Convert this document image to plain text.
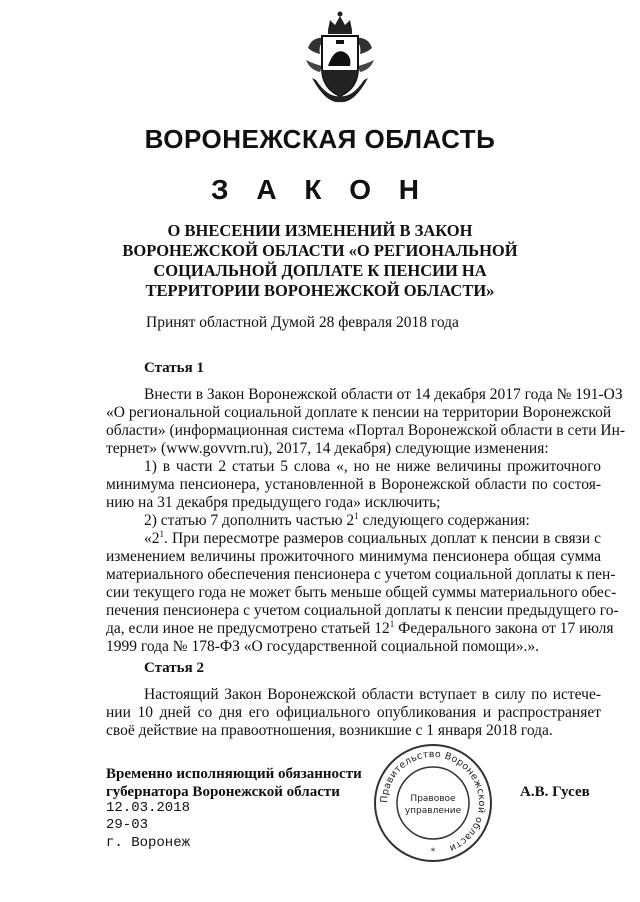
ВОРОНЕЖСКАЯ ОБЛАСТЬ
З А К О Н
О ВНЕСЕНИИ ИЗМЕНЕНИЙ В ЗАКОН
ВОРОНЕЖСКОЙ ОБЛАСТИ «О РЕГИОНАЛЬНОЙ
СОЦИАЛЬНОЙ ДОПЛАТЕ К ПЕНСИИ НА
ТЕРРИТОРИИ ВОРОНЕЖСКОЙ ОБЛАСТИ»
Принят областной Думой 28 февраля 2018 года
Статья 1
Внести в Закон Воронежской области от 14 декабря 2017 года № 191-ОЗ
«О региональной социальной доплате к пенсии на территории Воронежской
области» (информационная система «Портал Воронежской области в сети Ин-
тернет» (www.govvrn.ru), 2017, 14 декабря) следующие изменения:
1) в части 2 статьи 5 слова «, но не ниже величины прожиточного
минимума пенсионера, установленной в Воронежской области по состоя-
нию на 31 декабря предыдущего года» исключить;
2) статью 7 дополнить частью $2^1$ следующего содержания:
«$2^1$. При пересмотре размеров социальных доплат к пенсии в связи с
изменением величины прожиточного минимума пенсионера общая сумма
материального обеспечения пенсионера с учетом социальной доплаты к пен-
сии текущего года не может быть меньше общей суммы материального обес-
печения пенсионера с учетом социальной доплаты к пенсии предыдущего го-
да, если иное не предусмотрено статьей $12^1$ Федерального закона от 17 июля
1999 года № 178-ФЗ «О государственной социальной помощи».».
Статья 2
Настоящий Закон Воронежской области вступает в силу по истече-
нии 10 дней со дня его официального опубликования и распространяет
своё действие на правоотношения, возникшие с 1 января 2018 года.
Временно исполняющий обязанности
губернатора Воронежской области	А.В. Гусев
12.03.2018
29-03
г. Воронеж
Правительство Воронежской области
Правовое
управление
*
